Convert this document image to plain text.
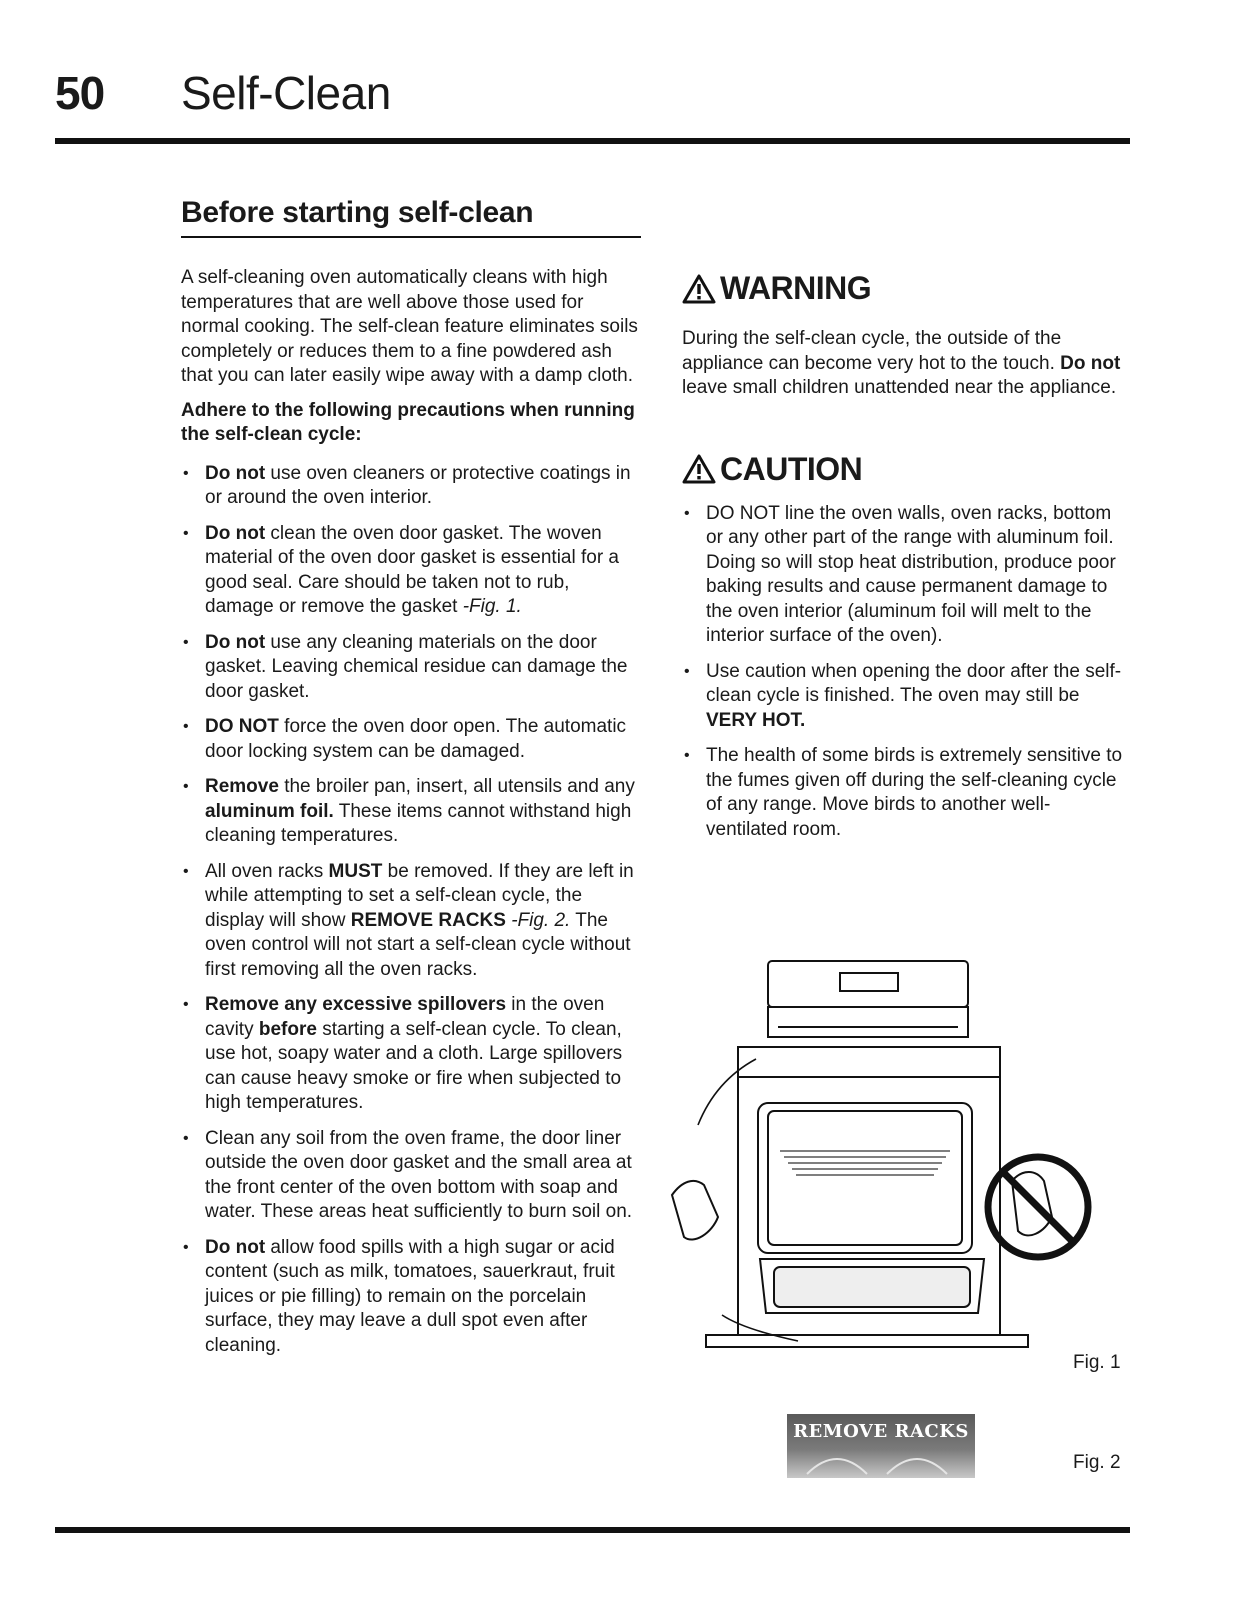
50 Self-Clean
Before starting self-clean

A self-cleaning oven automatically cleans with high temperatures that are well above those used for normal cooking. The self-clean feature eliminates soils completely or reduces them to a fine powdered ash that you can later easily wipe away with a damp cloth.

Adhere to the following precautions when running the self-clean cycle:

• Do not use oven cleaners or protective coatings in or around the oven interior.
• Do not clean the oven door gasket. The woven material of the oven door gasket is essential for a good seal. Care should be taken not to rub, damage or remove the gasket -Fig. 1.
• Do not use any cleaning materials on the door gasket. Leaving chemical residue can damage the door gasket.
• DO NOT force the oven door open. The automatic door locking system can be damaged.
• Remove the broiler pan, insert, all utensils and any aluminum foil. These items cannot withstand high cleaning temperatures.
• All oven racks MUST be removed. If they are left in while attempting to set a self-clean cycle, the display will show REMOVE RACKS -Fig. 2. The oven control will not start a self-clean cycle without first removing all the oven racks.
• Remove any excessive spillovers in the oven cavity before starting a self-clean cycle. To clean, use hot, soapy water and a cloth. Large spillovers can cause heavy smoke or fire when subjected to high temperatures.
• Clean any soil from the oven frame, the door liner outside the oven door gasket and the small area at the front center of the oven bottom with soap and water. These areas heat sufficiently to burn soil on.
• Do not allow food spills with a high sugar or acid content (such as milk, tomatoes, sauerkraut, fruit juices or pie filling) to remain on the porcelain surface, they may leave a dull spot even after cleaning.
WARNING

During the self-clean cycle, the outside of the appliance can become very hot to the touch. Do not leave small children unattended near the appliance.

CAUTION
• DO NOT line the oven walls, oven racks, bottom or any other part of the range with aluminum foil. Doing so will stop heat distribution, produce poor baking results and cause permanent damage to the oven interior (aluminum foil will melt to the interior surface of the oven).
• Use caution when opening the door after the self-clean cycle is finished. The oven may still be VERY HOT.
• The health of some birds is extremely sensitive to the fumes given off during the self-cleaning cycle of any range. Move birds to another well-ventilated room.
Fig. 1
REMOVE RACKS
Fig. 2
